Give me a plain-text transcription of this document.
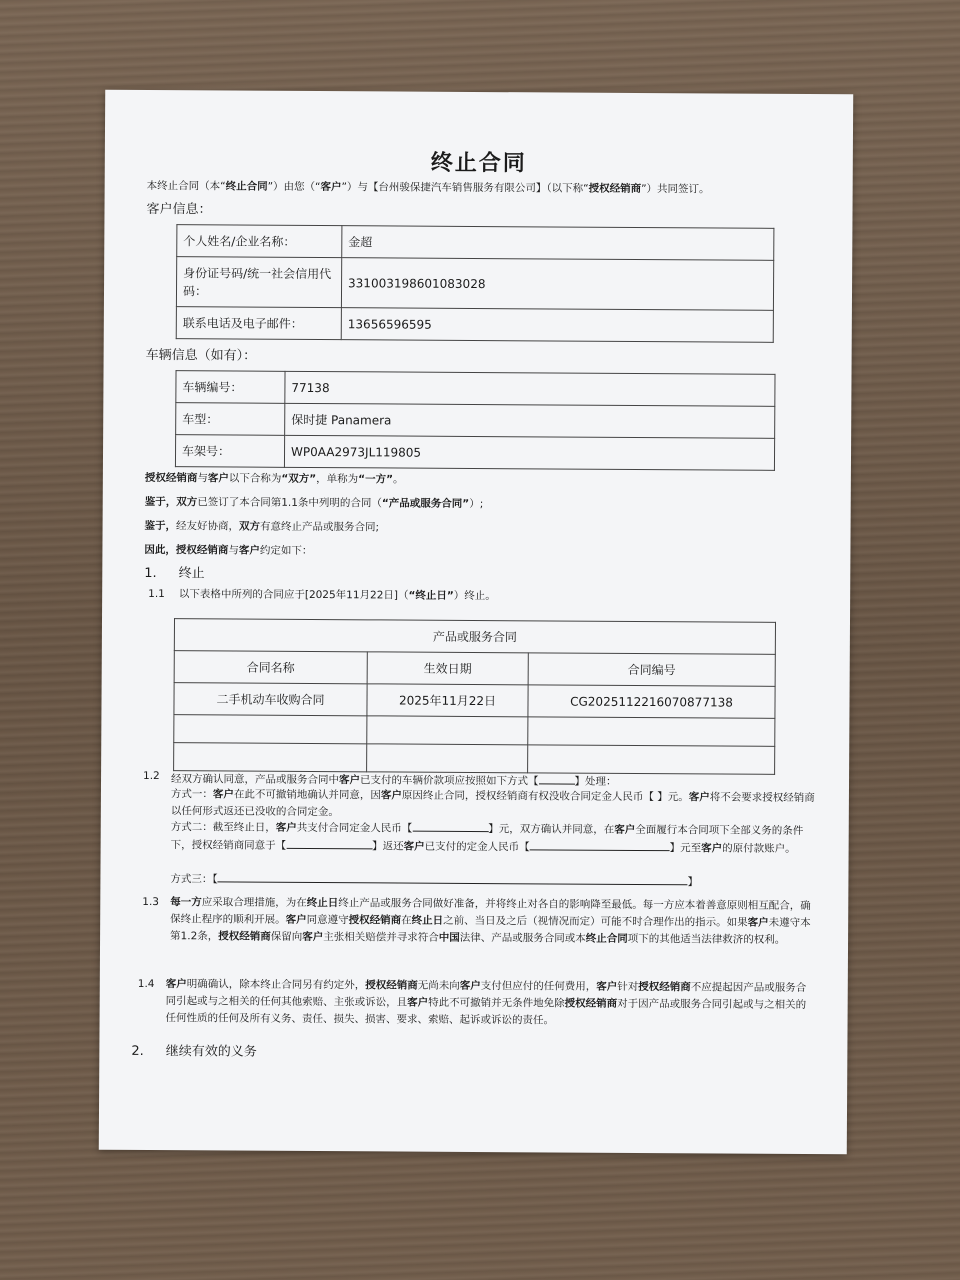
终止合同
本终止合同（本“终止合同”）由您（“客户”）与【台州骏保捷汽车销售服务有限公司】（以下称“授权经销商”）共同签订。
客户信息：
个人姓名/企业名称：	金超
身份证号码/统一社会信用代码：	331003198601083028
联系电话及电子邮件：	13656596595
车辆信息（如有）：
车辆编号：	77138
车型：	保时捷 Panamera
车架号：	WP0AA2973JL119805
授权经销商与客户以下合称为“双方”，单称为“一方”。
鉴于，双方已签订了本合同第1.1条中列明的合同（“产品或服务合同”）;
鉴于，经友好协商，双方有意终止产品或服务合同;
因此，授权经销商与客户约定如下：
1. 终止
1.1 以下表格中所列的合同应于[2025年11月22日]（“终止日”）终止。
产品或服务合同		
合同名称	生效日期	合同编号
二手机动车收购合同	2025年11月22日	CG20251122160708771​38

1.2 经双方确认同意，产品或服务合同中客户已支付的车辆价款项应按照如下方式【	】处理：
方式一：客户在此不可撤销地确认并同意，因客户原因终止合同，授权经销商有权没收合同定金人民币【 】元。客户将不会要求授权经销商以任何形式返还已没收的合同定金。
方式二：截至终止日，客户共支付合同定金人民币【	】元，双方确认并同意，在客户全面履行本合同项下全部义务的条件下，授权经销商同意于【	】返还客户已支付的定金人民币【	】元至客户的原付款账户。
方式三：【	】
1.3 每一方应采取合理措施，为在终止日终止产品或服务合同做好准备，并将终止对各自的影响降至最低。每一方应本着善意原则相互配合，确保终止程序的顺利开展。客户同意遵守授权经销商在终止日之前、当日及之后（视情况而定）可能不时合理作出的指示。如果客户未遵守本第1.2条，授权经销商保留向客户主张相关赔偿并寻求符合中国法律、产品或服务合同或本终止合同项下的其他适当法律救济的权利。
1.4 客户明确确认，除本终止合同另有约定外，授权经销商无尚未向客户支付但应付的任何费用，客户针对授权经销商不应提起因产品或服务合同引起或与之相关的任何其他索赔、主张或诉讼，且客户特此不可撤销并无条件地免除授权经销商对于因产品或服务合同引起或与之相关的任何性质的任何及所有义务、责任、损失、损害、要求、索赔、起诉或诉讼的责任。
2. 继续有效的义务
